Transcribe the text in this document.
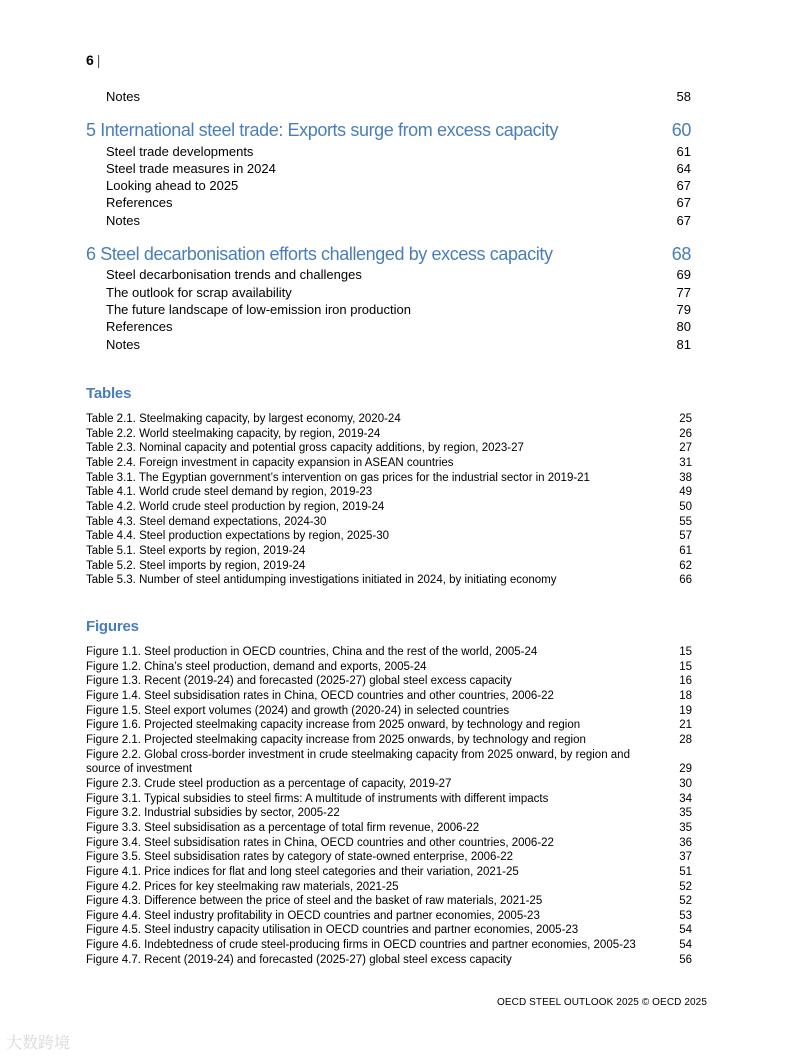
6 |
Notes	58
5 International steel trade: Exports surge from excess capacity	60
Steel trade developments	61
Steel trade measures in 2024	64
Looking ahead to 2025	67
References	67
Notes	67
6 Steel decarbonisation efforts challenged by excess capacity	68
Steel decarbonisation trends and challenges	69
The outlook for scrap availability	77
The future landscape of low-emission iron production	79
References	80
Notes	81
Tables
Table 2.1. Steelmaking capacity, by largest economy, 2020-24	25
Table 2.2. World steelmaking capacity, by region, 2019-24	26
Table 2.3. Nominal capacity and potential gross capacity additions, by region, 2023-27	27
Table 2.4. Foreign investment in capacity expansion in ASEAN countries	31
Table 3.1. The Egyptian government’s intervention on gas prices for the industrial sector in 2019-21	38
Table 4.1. World crude steel demand by region, 2019-23	49
Table 4.2. World crude steel production by region, 2019-24	50
Table 4.3. Steel demand expectations, 2024-30	55
Table 4.4. Steel production expectations by region, 2025-30	57
Table 5.1. Steel exports by region, 2019-24	61
Table 5.2. Steel imports by region, 2019-24	62
Table 5.3. Number of steel antidumping investigations initiated in 2024, by initiating economy	66
Figures
Figure 1.1. Steel production in OECD countries, China and the rest of the world, 2005-24	15
Figure 1.2. China’s steel production, demand and exports, 2005-24	15
Figure 1.3. Recent (2019-24) and forecasted (2025-27) global steel excess capacity	16
Figure 1.4. Steel subsidisation rates in China, OECD countries and other countries, 2006-22	18
Figure 1.5. Steel export volumes (2024) and growth (2020-24) in selected countries	19
Figure 1.6. Projected steelmaking capacity increase from 2025 onward, by technology and region	21
Figure 2.1. Projected steelmaking capacity increase from 2025 onwards, by technology and region	28
Figure 2.2. Global cross-border investment in crude steelmaking capacity from 2025 onward, by region and source of investment	29
Figure 2.3. Crude steel production as a percentage of capacity, 2019-27	30
Figure 3.1. Typical subsidies to steel firms: A multitude of instruments with different impacts	34
Figure 3.2. Industrial subsidies by sector, 2005-22	35
Figure 3.3. Steel subsidisation as a percentage of total firm revenue, 2006-22	35
Figure 3.4. Steel subsidisation rates in China, OECD countries and other countries, 2006-22	36
Figure 3.5. Steel subsidisation rates by category of state-owned enterprise, 2006-22	37
Figure 4.1. Price indices for flat and long steel categories and their variation, 2021-25	51
Figure 4.2. Prices for key steelmaking raw materials, 2021-25	52
Figure 4.3. Difference between the price of steel and the basket of raw materials, 2021-25	52
Figure 4.4. Steel industry profitability in OECD countries and partner economies, 2005-23	53
Figure 4.5. Steel industry capacity utilisation in OECD countries and partner economies, 2005-23	54
Figure 4.6. Indebtedness of crude steel-producing firms in OECD countries and partner economies, 2005-23	54
Figure 4.7. Recent (2019-24) and forecasted (2025-27) global steel excess capacity	56
OECD STEEL OUTLOOK 2025 © OECD 2025
大数跨境
